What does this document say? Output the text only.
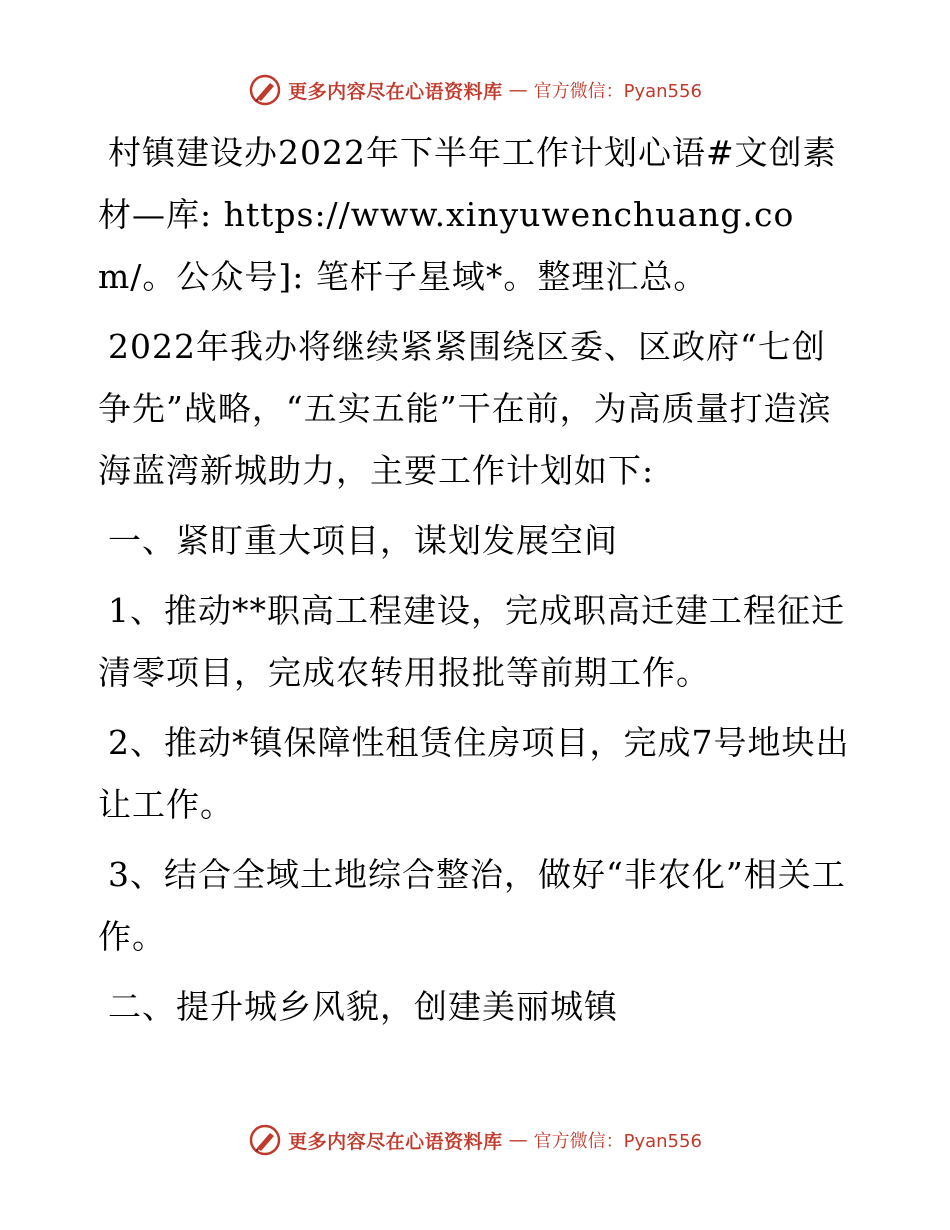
更多内容尽在心语资料库 — 官方微信：Pyan556

村镇建设办2022年下半年工作计划心语#文创素材—库: https://www.xinyuwenchuang.com/。公众号]: 笔杆子星域*。整理汇总。

2022年我办将继续紧紧围绕区委、区政府“七创争先”战略，“五实五能”干在前，为高质量打造滨海蓝湾新城助力，主要工作计划如下:

一、紧盯重大项目，谋划发展空间

1、推动**职高工程建设，完成职高迁建工程征迁清零项目，完成农转用报批等前期工作。

2、推动*镇保障性租赁住房项目，完成7号地块出让工作。

3、结合全域土地综合整治，做好“非农化”相关工作。

二、提升城乡风貌，创建美丽城镇

更多内容尽在心语资料库 — 官方微信：Pyan556
